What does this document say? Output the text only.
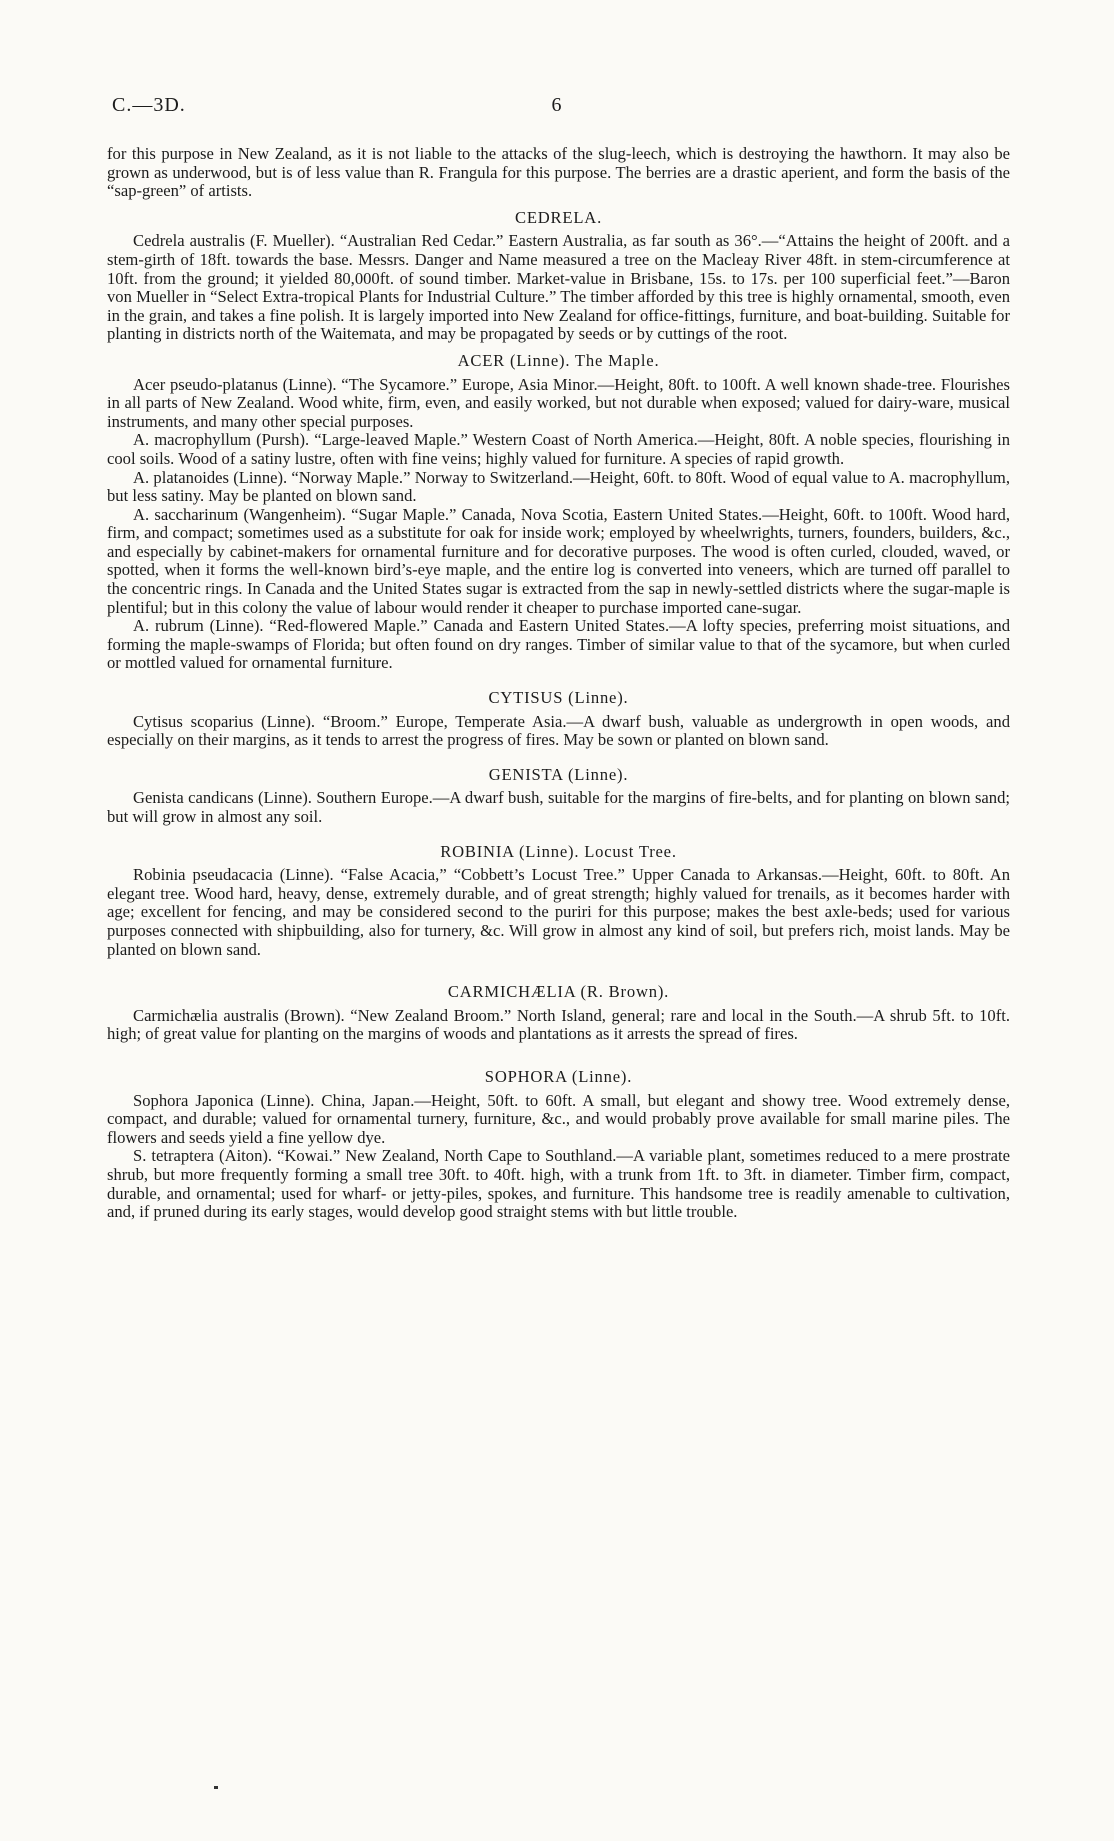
C.—3D.	6

for this purpose in New Zealand, as it is not liable to the attacks of the slug-leech, which is destroying the hawthorn. It may also be grown as underwood, but is of less value than R. Frangula for this purpose. The berries are a drastic aperient, and form the basis of the “sap-green” of artists.

CEDRELA.

Cedrela australis (F. Mueller). “Australian Red Cedar.” Eastern Australia, as far south as 36°.—“Attains the height of 200ft. and a stem-girth of 18ft. towards the base. Messrs. Danger and Name measured a tree on the Macleay River 48ft. in stem-circumference at 10ft. from the ground; it yielded 80,000ft. of sound timber. Market-value in Brisbane, 15s. to 17s. per 100 superficial feet.”—Baron von Mueller in “Select Extra-tropical Plants for Industrial Culture.” The timber afforded by this tree is highly ornamental, smooth, even in the grain, and takes a fine polish. It is largely imported into New Zealand for office-fittings, furniture, and boat-building. Suitable for planting in districts north of the Waitemata, and may be propagated by seeds or by cuttings of the root.

ACER (Linne). The Maple.

Acer pseudo-platanus (Linne). “The Sycamore.” Europe, Asia Minor.—Height, 80ft. to 100ft. A well known shade-tree. Flourishes in all parts of New Zealand. Wood white, firm, even, and easily worked, but not durable when exposed; valued for dairy-ware, musical instruments, and many other special purposes.

A. macrophyllum (Pursh). “Large-leaved Maple.” Western Coast of North America.—Height, 80ft. A noble species, flourishing in cool soils. Wood of a satiny lustre, often with fine veins; highly valued for furniture. A species of rapid growth.

A. platanoides (Linne). “Norway Maple.” Norway to Switzerland.—Height, 60ft. to 80ft. Wood of equal value to A. macrophyllum, but less satiny. May be planted on blown sand.

A. saccharinum (Wangenheim). “Sugar Maple.” Canada, Nova Scotia, Eastern United States.—Height, 60ft. to 100ft. Wood hard, firm, and compact; sometimes used as a substitute for oak for inside work; employed by wheelwrights, turners, founders, builders, &c., and especially by cabinet-makers for ornamental furniture and for decorative purposes. The wood is often curled, clouded, waved, or spotted, when it forms the well-known bird’s-eye maple, and the entire log is converted into veneers, which are turned off parallel to the concentric rings. In Canada and the United States sugar is extracted from the sap in newly-settled districts where the sugar-maple is plentiful; but in this colony the value of labour would render it cheaper to purchase imported cane-sugar.

A. rubrum (Linne). “Red-flowered Maple.” Canada and Eastern United States.—A lofty species, preferring moist situations, and forming the maple-swamps of Florida; but often found on dry ranges. Timber of similar value to that of the sycamore, but when curled or mottled valued for ornamental furniture.

CYTISUS (Linne).

Cytisus scoparius (Linne). “Broom.” Europe, Temperate Asia.—A dwarf bush, valuable as undergrowth in open woods, and especially on their margins, as it tends to arrest the progress of fires. May be sown or planted on blown sand.

GENISTA (Linne).

Genista candicans (Linne). Southern Europe.—A dwarf bush, suitable for the margins of fire-belts, and for planting on blown sand; but will grow in almost any soil.

ROBINIA (Linne). Locust Tree.

Robinia pseudacacia (Linne). “False Acacia,” “Cobbett’s Locust Tree.” Upper Canada to Arkansas.—Height, 60ft. to 80ft. An elegant tree. Wood hard, heavy, dense, extremely durable, and of great strength; highly valued for trenails, as it becomes harder with age; excellent for fencing, and may be considered second to the puriri for this purpose; makes the best axle-beds; used for various purposes connected with shipbuilding, also for turnery, &c. Will grow in almost any kind of soil, but prefers rich, moist lands. May be planted on blown sand.

CARMICHÆLIA (R. Brown).

Carmichælia australis (Brown). “New Zealand Broom.” North Island, general; rare and local in the South.—A shrub 5ft. to 10ft. high; of great value for planting on the margins of woods and plantations as it arrests the spread of fires.

SOPHORA (Linne).

Sophora Japonica (Linne). China, Japan.—Height, 50ft. to 60ft. A small, but elegant and showy tree. Wood extremely dense, compact, and durable; valued for ornamental turnery, furniture, &c., and would probably prove available for small marine piles. The flowers and seeds yield a fine yellow dye.

S. tetraptera (Aiton). “Kowai.” New Zealand, North Cape to Southland.—A variable plant, sometimes reduced to a mere prostrate shrub, but more frequently forming a small tree 30ft. to 40ft. high, with a trunk from 1ft. to 3ft. in diameter. Timber firm, compact, durable, and ornamental; used for wharf- or jetty-piles, spokes, and furniture. This handsome tree is readily amenable to cultivation, and, if pruned during its early stages, would develop good straight stems with but little trouble.
